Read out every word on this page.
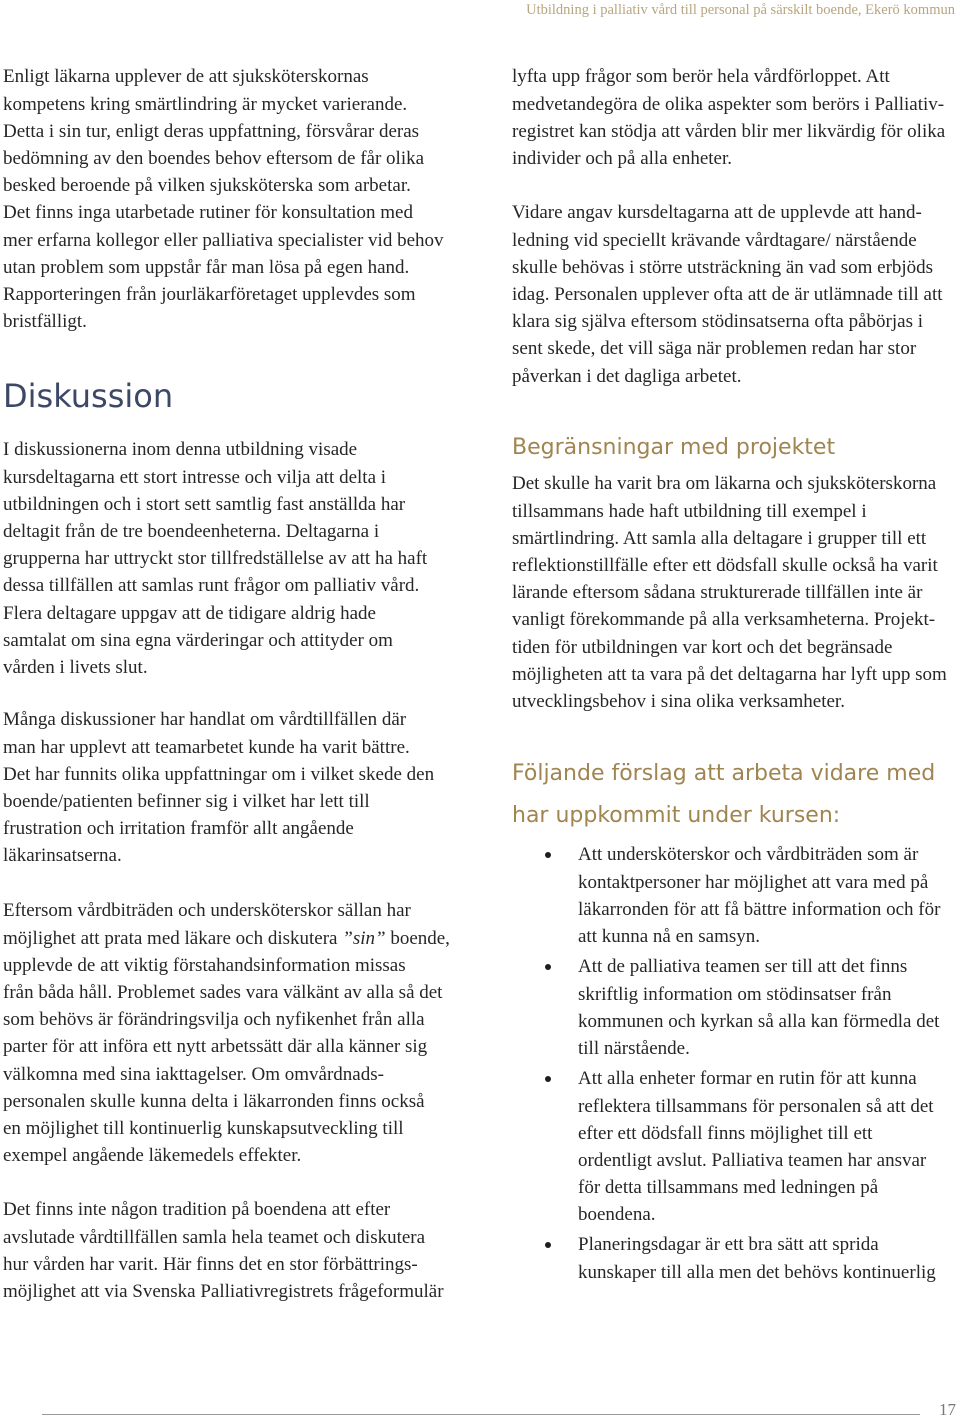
Utbildning i palliativ vård till personal på särskilt boende, Ekerö kommun
Enligt läkarna upplever de att sjuksköterskornas
kompetens kring smärtlindring är mycket varierande.
Detta i sin tur, enligt deras uppfattning, försvårar deras
bedömning av den boendes behov eftersom de får olika
besked beroende på vilken sjuksköterska som arbetar.
Det finns inga utarbetade rutiner för konsultation med
mer erfarna kollegor eller palliativa specialister vid behov
utan problem som uppstår får man lösa på egen hand.
Rapporteringen från jourläkarföretaget upplevdes som
bristfälligt.
Diskussion
I diskussionerna inom denna utbildning visade
kursdeltagarna ett stort intresse och vilja att delta i
utbildningen och i stort sett samtlig fast anställda har
deltagit från de tre boendeenheterna. Deltagarna i
grupperna har uttryckt stor tillfredställelse av att ha haft
dessa tillfällen att samlas runt frågor om palliativ vård.
Flera deltagare uppgav att de tidigare aldrig hade
samtalat om sina egna värderingar och attityder om
vården i livets slut.
Många diskussioner har handlat om vårdtillfällen där
man har upplevt att teamarbetet kunde ha varit bättre.
Det har funnits olika uppfattningar om i vilket skede den
boende/patienten befinner sig i vilket har lett till
frustration och irritation framför allt angående
läkarinsatserna.
Eftersom vårdbiträden och undersköterskor sällan har
möjlighet att prata med läkare och diskutera ”sin” boende,
upplevde de att viktig förstahandsinformation missas
från båda håll. Problemet sades vara välkänt av alla så det
som behövs är förändringsvilja och nyfikenhet från alla
parter för att införa ett nytt arbetssätt där alla känner sig
välkomna med sina iakttagelser. Om omvårdnads-
personalen skulle kunna delta i läkarronden finns också
en möjlighet till kontinuerlig kunskapsutveckling till
exempel angående läkemedels effekter.
Det finns inte någon tradition på boendena att efter
avslutade vårdtillfällen samla hela teamet och diskutera
hur vården har varit. Här finns det en stor förbättrings-
möjlighet att via Svenska Palliativregistrets frågeformulär
lyfta upp frågor som berör hela vårdförloppet. Att
medvetandegöra de olika aspekter som berörs i Palliativ-
registret kan stödja att vården blir mer likvärdig för olika
individer och på alla enheter.
Vidare angav kursdeltagarna att de upplevde att hand-
ledning vid speciellt krävande vårdtagare/ närstående
skulle behövas i större utsträckning än vad som erbjöds
idag. Personalen upplever ofta att de är utlämnade till att
klara sig själva eftersom stödinsatserna ofta påbörjas i
sent skede, det vill säga när problemen redan har stor
påverkan i det dagliga arbetet.
Begränsningar med projektet
Det skulle ha varit bra om läkarna och sjuksköterskorna
tillsammans hade haft utbildning till exempel i
smärtlindring. Att samla alla deltagare i grupper till ett
reflektionstillfälle efter ett dödsfall skulle också ha varit
lärande eftersom sådana strukturerade tillfällen inte är
vanligt förekommande på alla verksamheterna. Projekt-
tiden för utbildningen var kort och det begränsade
möjligheten att ta vara på det deltagarna har lyft upp som
utvecklingsbehov i sina olika verksamheter.
Följande förslag att arbeta vidare med
har uppkommit under kursen:
Att undersköterskor och vårdbiträden som är
kontaktpersoner har möjlighet att vara med på
läkarronden för att få bättre information och för
att kunna nå en samsyn.
Att de palliativa teamen ser till att det finns
skriftlig information om stödinsatser från
kommunen och kyrkan så alla kan förmedla det
till närstående.
Att alla enheter formar en rutin för att kunna
reflektera tillsammans för personalen så att det
efter ett dödsfall finns möjlighet till ett
ordentligt avslut. Palliativa teamen har ansvar
för detta tillsammans med ledningen på
boendena.
Planeringsdagar är ett bra sätt att sprida
kunskaper till alla men det behövs kontinuerlig
17
